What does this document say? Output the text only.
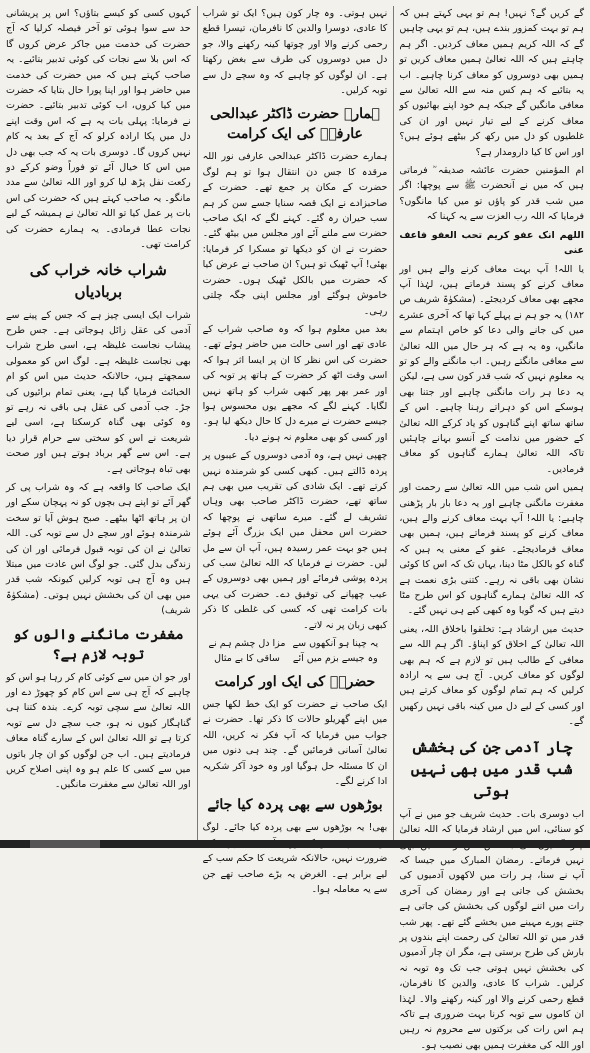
گے کریں گے؟ نہیں! ہم تو یہی کہتے ہیں کہ ہم تو بہت کمزور بندے ہیں، ہم تو یہی چاہیں گے کہ اللہ کریم ہمیں معاف کردیں۔ اگر ہم چاہتے ہیں کہ اللہ تعالیٰ ہمیں معاف کریں تو ہمیں بھی دوسروں کو معاف کرنا چاہیے۔ اب یہ بتائیے کہ ہم کس منہ سے اللہ تعالیٰ سے معافی مانگیں گے جبکہ ہم خود اپنے بھائیوں کو معاف کرنے کے لیے تیار نہیں اور ان کی غلطیوں کو دل میں رکھ کر بیٹھے ہوئے ہیں؟ اور اس کا کیا دارومدار ہے؟

ام المؤمنین حضرت عائشہ صدیقہ ؓ فرماتی ہیں کہ میں نے آنحضرت ﷺ سے پوچھا: اگر میں شب قدر کو پاؤں تو میں کیا مانگوں؟ فرمایا کہ اللہ رب العزت سے یہ کہنا کہ

اللھم انک عفو کریم تحب العفو فاعف عنی

یا اللہ! آپ بہت معاف کرنے والے ہیں اور معاف کرنے کو پسند فرماتے ہیں، لہٰذا آپ مجھے بھی معاف کردیجئے۔ (مشکوٰۃ شریف ص ۱۸۲) یہ جو ہم نے پہلے کہا تھا کہ آخری عشرے میں کی جانے والی دعا کو خاص اہتمام سے مانگیں، وہ یہ ہے کہ ہر حال میں اللہ تعالیٰ سے معافی مانگتے رہیں۔ اب مانگنے والے کو تو یہ معلوم نہیں کہ شب قدر کون سی ہے، لیکن یہ دعا ہر رات مانگنی چاہیے اور جتنا بھی ہوسکے اس کو دہراتے رہنا چاہیے۔ اس کے ساتھ ساتھ اپنے گناہوں کو یاد کرکے اللہ تعالیٰ کے حضور میں ندامت کے آنسو بہانے چاہئیں تاکہ اللہ تعالیٰ ہمارے گناہوں کو معاف فرمادیں۔

ہمیں اس شب میں اللہ تعالیٰ سے رحمت اور مغفرت مانگنی چاہیے اور یہ دعا بار بار پڑھنی چاہیے: یا اللہ! آپ بہت معاف کرنے والے ہیں، معاف کرنے کو پسند فرماتے ہیں، ہمیں بھی معاف فرمادیجئے۔ عفو کے معنی یہ ہیں کہ گناہ کو بالکل مٹا دینا، یہاں تک کہ اس کا کوئی نشان بھی باقی نہ رہے۔ کتنی بڑی نعمت ہے کہ اللہ تعالیٰ ہمارے گناہوں کو اس طرح مٹا دیتے ہیں کہ گویا وہ کبھی کیے ہی نہیں گئے۔

حدیث میں ارشاد ہے: تخلقوا باخلاق اللہ، یعنی اللہ تعالیٰ کے اخلاق کو اپناؤ۔ اگر ہم اللہ سے معافی کے طالب ہیں تو لازم ہے کہ ہم بھی لوگوں کو معاف کریں۔ آج ہی سے یہ ارادہ کرلیں کہ ہم تمام لوگوں کو معاف کرتے ہیں اور کسی کے لیے دل میں کینہ باقی نہیں رکھیں گے۔

چار آدمی جن کی بخشش شب قدر میں بھی نہیں ہوتی

اب دوسری بات۔ حدیث شریف جو میں نے آپ کو سنائی، اس میں ارشاد فرمایا کہ اللہ تعالیٰ نہیں فرماتے۔ رمضان المبارک میں جیسا کہ آپ نے سنا، ہر رات میں لاکھوں آدمیوں کی بخشش کی جاتی ہے اور رمضان کی آخری رات میں اتنے لوگوں کی بخشش کی جاتی ہے جتنے پورے مہینے میں بخشے گئے تھے۔ پھر شب قدر میں تو اللہ تعالیٰ کی رحمت اپنے بندوں پر بارش کی طرح برستی ہے، مگر ان چار آدمیوں کی بخشش نہیں ہوتی جب تک وہ توبہ نہ کرلیں۔ شراب کا عادی، والدین کا نافرمان، قطع رحمی کرنے والا اور کینہ رکھنے والا۔ لہٰذا ان کاموں سے توبہ کرنا بہت ضروری ہے تاکہ ہم اس رات کی برکتوں سے محروم نہ رہیں اور اللہ کی مغفرت ہمیں بھی نصیب ہو۔

نہیں ہوتی۔ وہ چار کون ہیں؟ ایک تو شراب کا عادی، دوسرا والدین کا نافرمان، تیسرا قطع رحمی کرنے والا اور چوتھا کینہ رکھنے والا، جو دل میں دوسروں کی طرف سے بغض رکھتا ہے۔ ان لوگوں کو چاہیے کہ وہ سچے دل سے توبہ کرلیں۔

ہمارے حضرت ڈاکٹر عبدالحی عارفیؒ کی ایک کرامت

ہمارے حضرت ڈاکٹر عبدالحی عارفی نور اللہ مرقدہ کا جس دن انتقال ہوا تو ہم لوگ حضرت کے مکان پر جمع تھے۔ حضرت کے صاحبزادے نے ایک قصہ سنایا جسے سن کر ہم سب حیران رہ گئے۔ کہنے لگے کہ ایک صاحب حضرت سے ملنے آئے اور مجلس میں بیٹھ گئے۔ حضرت نے ان کو دیکھا تو مسکرا کر فرمایا: بھئی! آپ ٹھیک تو ہیں؟ ان صاحب نے عرض کیا کہ حضرت میں بالکل ٹھیک ہوں۔ حضرت خاموش ہوگئے اور مجلس اپنی جگہ چلتی رہی۔

بعد میں معلوم ہوا کہ وہ صاحب شراب کے عادی تھے اور اسی حالت میں حاضر ہوئے تھے۔ حضرت کی اس نظر کا ان پر ایسا اثر ہوا کہ اسی وقت اٹھ کر حضرت کے ہاتھ پر توبہ کی اور عمر بھر پھر کبھی شراب کو ہاتھ نہیں لگایا۔ کہنے لگے کہ مجھے یوں محسوس ہوا جیسے حضرت نے میرے دل کا حال دیکھ لیا ہو۔ اور کسی کو بھی معلوم نہ ہونے دیا۔

چھپی نہیں ہے، وہ آدمی دوسروں کے عیبوں پر پردہ ڈالتے ہیں۔ کبھی کسی کو شرمندہ نہیں کرتے تھے۔ ایک شادی کی تقریب میں بھی ہم ساتھ تھے، حضرت ڈاکٹر صاحب بھی وہاں تشریف لے گئے۔ میرے ساتھی نے پوچھا کہ حضرت اس محفل میں ایک بزرگ آئے ہوئے ہیں جو بہت عمر رسیدہ ہیں، آپ ان سے مل لیں۔ حضرت نے فرمایا کہ اللہ تعالیٰ سب کی پردہ پوشی فرمائے اور ہمیں بھی دوسروں کے عیب چھپانے کی توفیق دے۔ حضرت کی یہی بات کرامت تھی کہ کسی کی غلطی کا ذکر کبھی زبان پر نہ لاتے۔

یہ چپنا ہو آنکھوں سے وہ جیسے بزم میں آئے
مزا دل چشم ہم نے ساقی کا بے مثال
حضرتؒ کی ایک اور کرامت

ایک صاحب نے حضرت کو ایک خط لکھا جس میں اپنے گھریلو حالات کا ذکر تھا۔ حضرت نے جواب میں فرمایا کہ آپ فکر نہ کریں، اللہ تعالیٰ آسانی فرمائیں گے۔ چند ہی دنوں میں ان کا مسئلہ حل ہوگیا اور وہ خود آکر شکریہ ادا کرنے لگے۔

بوڑھوں سے بھی پردہ کیا جائے

بھی! یہ بوڑھوں سے بھی پردہ کیا جائے۔ لوگ ضرورت نہیں، حالانکہ شریعت کا حکم سب کے لیے برابر ہے۔ الغرض یہ بڑے صاحب تھے جن سے یہ معاملہ ہوا۔

کہوں کسی کو کیسے بتاؤں؟ اس پر پریشانی حد سے سوا ہوئی تو آخر فیصلہ کرلیا کہ آج حضرت کی خدمت میں جاکر عرض کروں گا کہ اس بلا سے نجات کی کوئی تدبیر بتائیے۔ یہ صاحب کہتے ہیں کہ میں حضرت کی خدمت میں حاضر ہوا اور اپنا پورا حال بتایا کہ حضرت میں کیا کروں، اب کوئی تدبیر بتائیے۔ حضرت نے فرمایا: پہلی بات یہ ہے کہ اس وقت اپنے دل میں پکا ارادہ کرلو کہ آج کے بعد یہ کام نہیں کروں گا۔ دوسری بات یہ کہ جب بھی دل میں اس کا خیال آئے تو فوراً وضو کرکے دو رکعت نفل پڑھ لیا کرو اور اللہ تعالیٰ سے مدد مانگو۔ یہ صاحب کہتے ہیں کہ حضرت کی اس بات پر عمل کیا تو اللہ تعالیٰ نے ہمیشہ کے لیے نجات عطا فرمادی۔ یہ ہمارے حضرت کی کرامت تھی۔

شراب خانہ خراب کی بربادیاں

شراب ایک ایسی چیز ہے کہ جس کے پینے سے آدمی کی عقل زائل ہوجاتی ہے۔ جس طرح پیشاب نجاست غلیظہ ہے، اسی طرح شراب بھی نجاست غلیظہ ہے۔ لوگ اس کو معمولی سمجھتے ہیں، حالانکہ حدیث میں اس کو ام الخبائث فرمایا گیا ہے، یعنی تمام برائیوں کی جڑ۔ جب آدمی کی عقل ہی باقی نہ رہے تو وہ کوئی بھی گناہ کرسکتا ہے، اسی لیے شریعت نے اس کو سختی سے حرام قرار دیا ہے۔ اس سے گھر برباد ہوتے ہیں اور صحت بھی تباہ ہوجاتی ہے۔

ایک صاحب کا واقعہ ہے کہ وہ شراب پی کر گھر آئے تو اپنے ہی بچوں کو نہ پہچان سکے اور ان پر ہاتھ اٹھا بیٹھے۔ صبح ہوش آیا تو سخت شرمندہ ہوئے اور سچے دل سے توبہ کی۔ اللہ تعالیٰ نے ان کی توبہ قبول فرمائی اور ان کی زندگی بدل گئی۔ جو لوگ اس عادت میں مبتلا ہیں وہ آج ہی توبہ کرلیں کیونکہ شب قدر میں بھی ان کی بخشش نہیں ہوتی۔ (مشکوٰۃ شریف)

مغفرت مانگنے والوں کو توبہ لازم ہے؟

اور جو ان میں سے کوئی کام کر رہا ہو اس کو چاہیے کہ آج ہی سے اس کام کو چھوڑ دے اور اللہ تعالیٰ سے سچی توبہ کرے۔ بندہ کتنا ہی گناہگار کیوں نہ ہو، جب سچے دل سے توبہ کرتا ہے تو اللہ تعالیٰ اس کے سارے گناہ معاف فرمادیتے ہیں۔ اب جن لوگوں کو ان چار باتوں میں سے کسی کا علم ہو وہ اپنی اصلاح کریں اور اللہ تعالیٰ سے مغفرت مانگیں۔
